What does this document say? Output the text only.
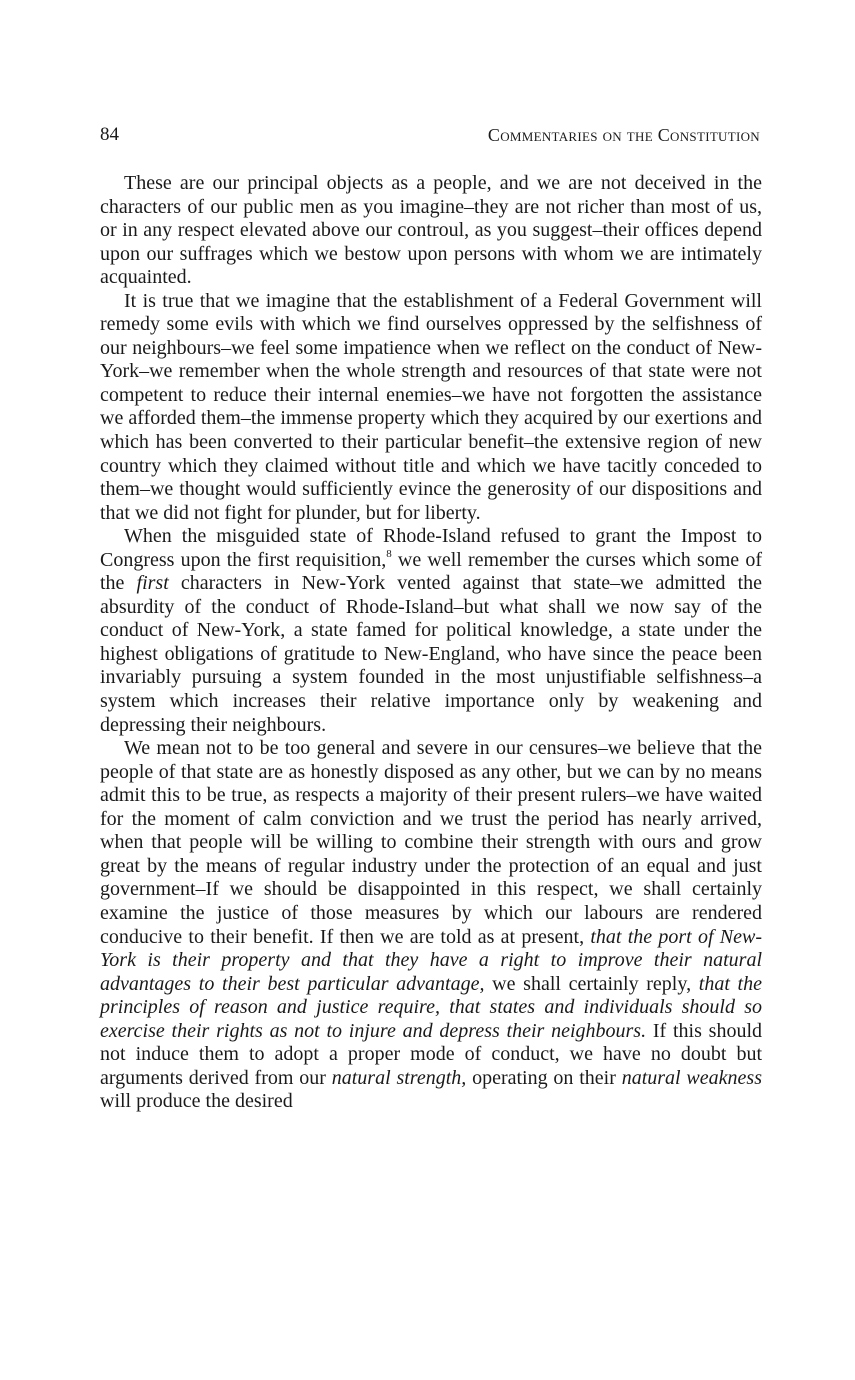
84	Commentaries on the Constitution

These are our principal objects as a people, and we are not deceived in the characters of our public men as you imagine–they are not richer than most of us, or in any respect elevated above our controul, as you suggest–their offices depend upon our suffrages which we bestow upon persons with whom we are intimately acquainted.

It is true that we imagine that the establishment of a Federal Government will remedy some evils with which we find ourselves oppressed by the selfishness of our neighbours–we feel some impatience when we reflect on the conduct of New-York–we remember when the whole strength and resources of that state were not competent to reduce their internal enemies–we have not forgotten the assistance we afforded them–the immense property which they acquired by our exertions and which has been converted to their particular benefit–the extensive region of new country which they claimed without title and which we have tacitly conceded to them–we thought would sufficiently evince the generosity of our dispositions and that we did not fight for plunder, but for liberty.

When the misguided state of Rhode-Island refused to grant the Impost to Congress upon the first requisition,$^8$ we well remember the curses which some of the first characters in New-York vented against that state–we admitted the absurdity of the conduct of Rhode-Island–but what shall we now say of the conduct of New-York, a state famed for political knowledge, a state under the highest obligations of gratitude to New-England, who have since the peace been invariably pursuing a system founded in the most unjustifiable selfishness–a system which increases their relative importance only by weakening and depressing their neighbours.

We mean not to be too general and severe in our censures–we believe that the people of that state are as honestly disposed as any other, but we can by no means admit this to be true, as respects a majority of their present rulers–we have waited for the moment of calm conviction and we trust the period has nearly arrived, when that people will be willing to combine their strength with ours and grow great by the means of regular industry under the protection of an equal and just government–If we should be disappointed in this respect, we shall certainly examine the justice of those measures by which our labours are rendered conducive to their benefit. If then we are told as at present, that the port of New-York is their property and that they have a right to improve their natural advantages to their best particular advantage, we shall certainly reply, that the principles of reason and justice require, that states and individuals should so exercise their rights as not to injure and depress their neighbours. If this should not induce them to adopt a proper mode of conduct, we have no doubt but arguments derived from our natural strength, operating on their natural weakness will produce the desired
